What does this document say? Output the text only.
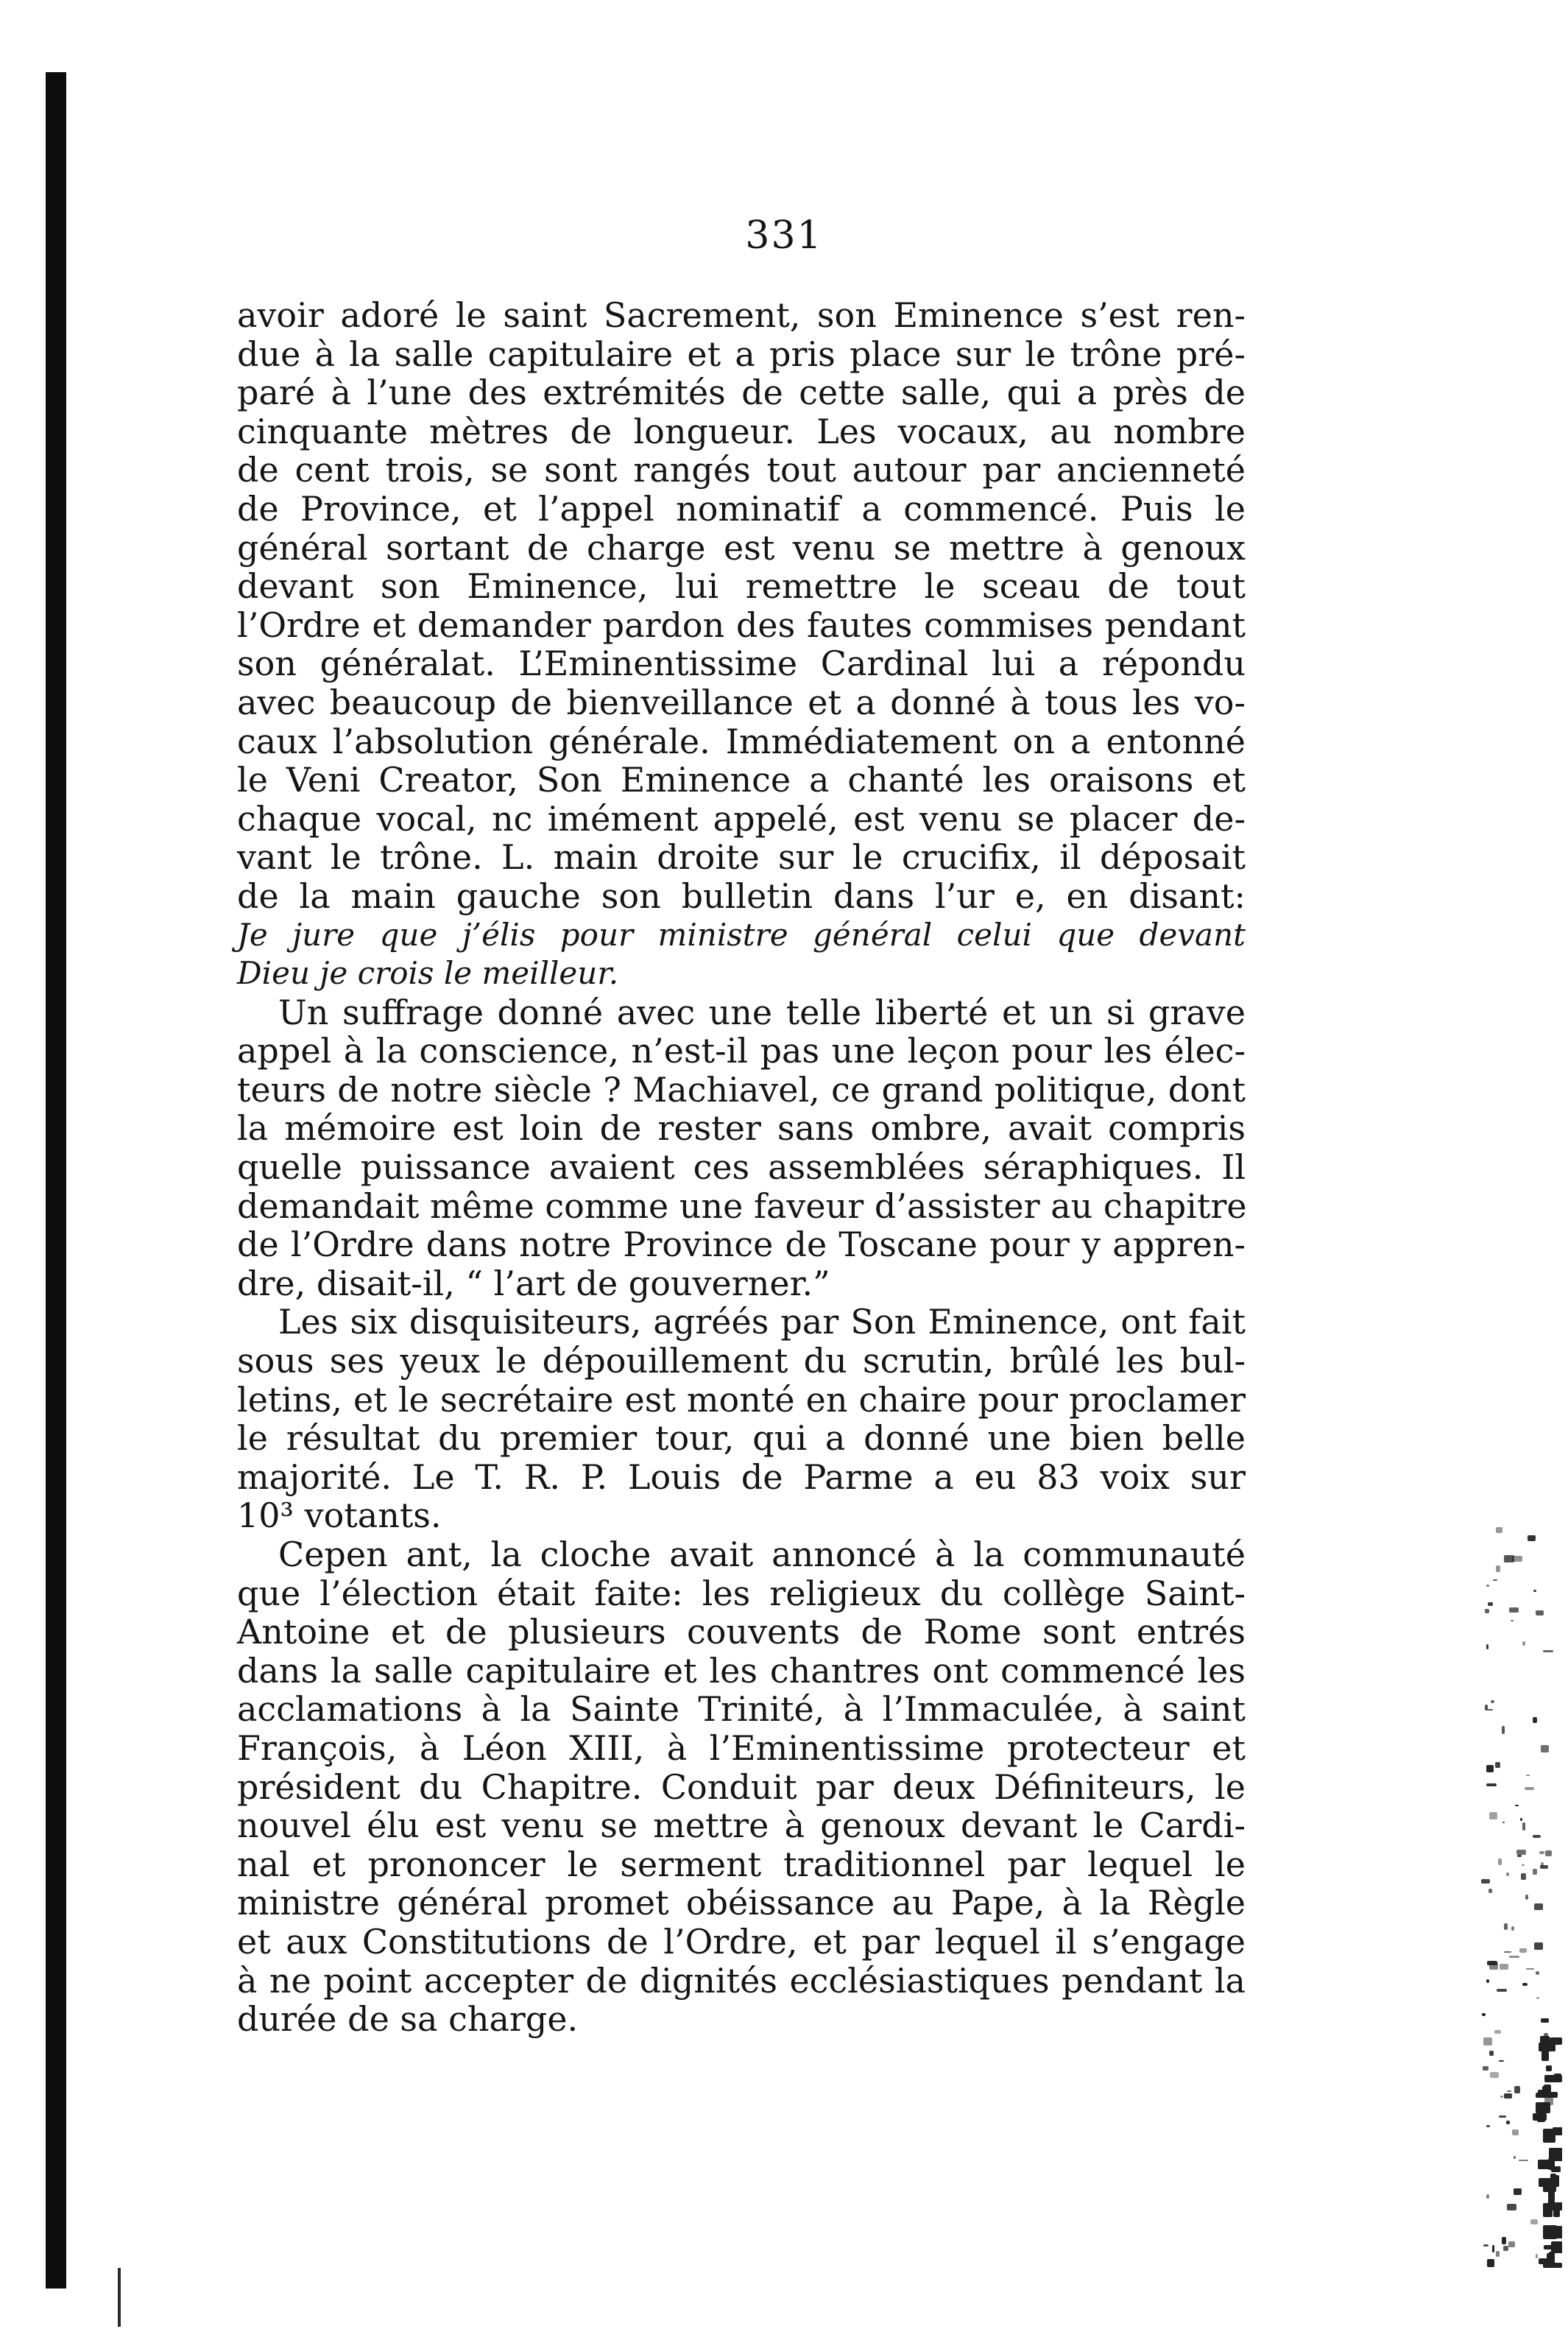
331
avoir adoré le saint Sacrement, son Eminence s’est ren-
due à la salle capitulaire et a pris place sur le trône pré-
paré à l’une des extrémités de cette salle, qui a près de
cinquante mètres de longueur. Les vocaux, au nombre
de cent trois, se sont rangés tout autour par ancienneté
de Province, et l’appel nominatif a commencé. Puis le
général sortant de charge est venu se mettre à genoux
devant son Eminence, lui remettre le sceau de tout
l’Ordre et demander pardon des fautes commises pendant
son généralat. L’Eminentissime Cardinal lui a répondu
avec beaucoup de bienveillance et a donné à tous les vo-
caux l’absolution générale. Immédiatement on a entonné
le Veni Creator, Son Eminence a chanté les oraisons et
chaque vocal, nc imément appelé, est venu se placer de-
vant le trône. L. main droite sur le crucifix, il déposait
de la main gauche son bulletin dans l’ur e, en disant:
Je jure que j’élis pour ministre général celui que devant
Dieu je crois le meilleur.
Un suffrage donné avec une telle liberté et un si grave
appel à la conscience, n’est-il pas une leçon pour les élec-
teurs de notre siècle ? Machiavel, ce grand politique, dont
la mémoire est loin de rester sans ombre, avait compris
quelle puissance avaient ces assemblées séraphiques. Il
demandait même comme une faveur d’assister au chapitre
de l’Ordre dans notre Province de Toscane pour y appren-
dre, disait-il, “ l’art de gouverner.”
Les six disquisiteurs, agréés par Son Eminence, ont fait
sous ses yeux le dépouillement du scrutin, brûlé les bul-
letins, et le secrétaire est monté en chaire pour proclamer
le résultat du premier tour, qui a donné une bien belle
majorité. Le T. R. P. Louis de Parme a eu 83 voix sur
10³ votants.
Cepen ant, la cloche avait annoncé à la communauté
que l’élection était faite: les religieux du collège Saint-
Antoine et de plusieurs couvents de Rome sont entrés
dans la salle capitulaire et les chantres ont commencé les
acclamations à la Sainte Trinité, à l’Immaculée, à saint
François, à Léon XIII, à l’Eminentissime protecteur et
président du Chapitre. Conduit par deux Définiteurs, le
nouvel élu est venu se mettre à genoux devant le Cardi-
nal et prononcer le serment traditionnel par lequel le
ministre général promet obéissance au Pape, à la Règle
et aux Constitutions de l’Ordre, et par lequel il s’engage
à ne point accepter de dignités ecclésiastiques pendant la
durée de sa charge.
